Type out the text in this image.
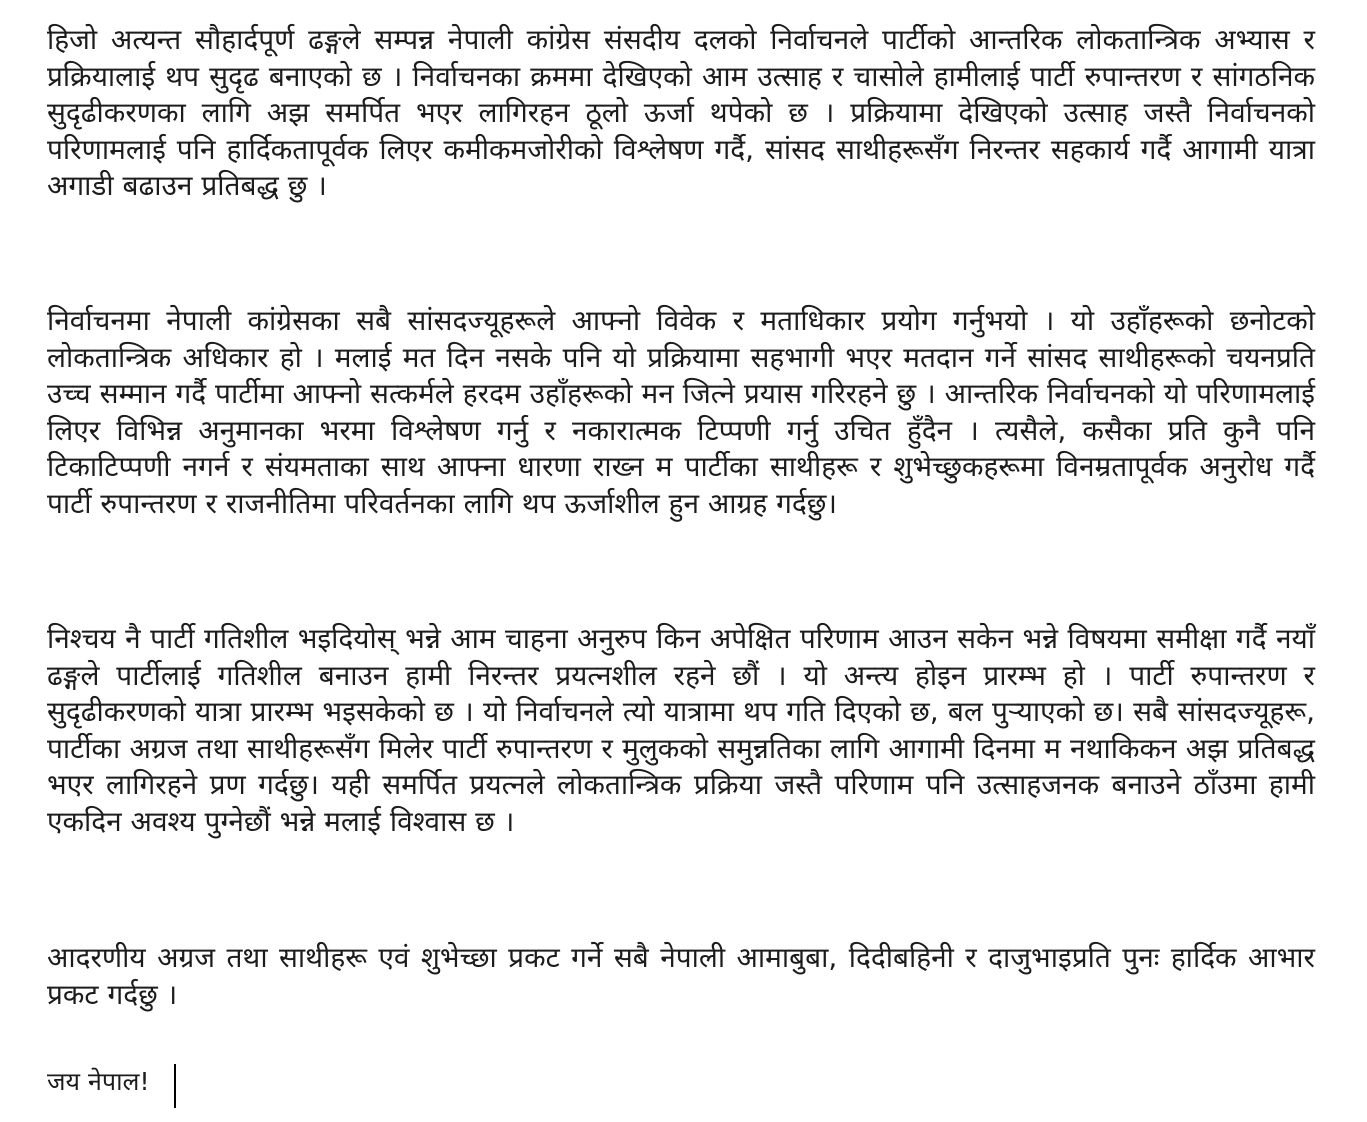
हिजो अत्यन्त सौहार्दपूर्ण ढङ्गले सम्पन्न नेपाली कांग्रेस संसदीय दलको निर्वाचनले पार्टीको आन्तरिक लोकतान्त्रिक अभ्यास र प्रक्रियालाई थप सुदृढ बनाएको छ । निर्वाचनका क्रममा देखिएको आम उत्साह र चासोले हामीलाई पार्टी रुपान्तरण र सांगठनिक सुदृढीकरणका लागि अझ समर्पित भएर लागिरहन ठूलो ऊर्जा थपेको छ । प्रक्रियामा देखिएको उत्साह जस्तै निर्वाचनको परिणामलाई पनि हार्दिकतापूर्वक लिएर कमीकमजोरीको विश्लेषण गर्दै, सांसद साथीहरूसँग निरन्तर सहकार्य गर्दै आगामी यात्रा अगाडी बढाउन प्रतिबद्ध छु ।

निर्वाचनमा नेपाली कांग्रेसका सबै सांसदज्यूहरूले आफ्नो विवेक र मताधिकार प्रयोग गर्नुभयो । यो उहाँहरूको छनोटको लोकतान्त्रिक अधिकार हो । मलाई मत दिन नसके पनि यो प्रक्रियामा सहभागी भएर मतदान गर्ने सांसद साथीहरूको चयनप्रति उच्च सम्मान गर्दै पार्टीमा आफ्नो सत्कर्मले हरदम उहाँहरूको मन जित्ने प्रयास गरिरहने छु । आन्तरिक निर्वाचनको यो परिणामलाई लिएर विभिन्न अनुमानका भरमा विश्लेषण गर्नु र नकारात्मक टिप्पणी गर्नु उचित हुँदैन । त्यसैले, कसैका प्रति कुनै पनि टिकाटिप्पणी नगर्न र संयमताका साथ आफ्ना धारणा राख्न म पार्टीका साथीहरू र शुभेच्छुकहरूमा विनम्रतापूर्वक अनुरोध गर्दै पार्टी रुपान्तरण र राजनीतिमा परिवर्तनका लागि थप ऊर्जाशील हुन आग्रह गर्दछु।

निश्चय नै पार्टी गतिशील भइदियोस् भन्ने आम चाहना अनुरुप किन अपेक्षित परिणाम आउन सकेन भन्ने विषयमा समीक्षा गर्दै नयाँ ढङ्गले पार्टीलाई गतिशील बनाउन हामी निरन्तर प्रयत्नशील रहने छौं । यो अन्त्य होइन प्रारम्भ हो । पार्टी रुपान्तरण र सुदृढीकरणको यात्रा प्रारम्भ भइसकेको छ । यो निर्वाचनले त्यो यात्रामा थप गति दिएको छ, बल पुऱ्याएको छ। सबै सांसदज्यूहरू, पार्टीका अग्रज तथा साथीहरूसँग मिलेर पार्टी रुपान्तरण र मुलुकको समुन्नतिका लागि आगामी दिनमा म नथाकिकन अझ प्रतिबद्ध भएर लागिरहने प्रण गर्दछु। यही समर्पित प्रयत्नले लोकतान्त्रिक प्रक्रिया जस्तै परिणाम पनि उत्साहजनक बनाउने ठाँउमा हामी एकदिन अवश्य पुग्नेछौं भन्ने मलाई विश्वास छ ।

आदरणीय अग्रज तथा साथीहरू एवं शुभेच्छा प्रकट गर्ने सबै नेपाली आमाबुबा, दिदीबहिनी र दाजुभाइप्रति पुनः हार्दिक आभार प्रकट गर्दछु ।

जय नेपाल!
